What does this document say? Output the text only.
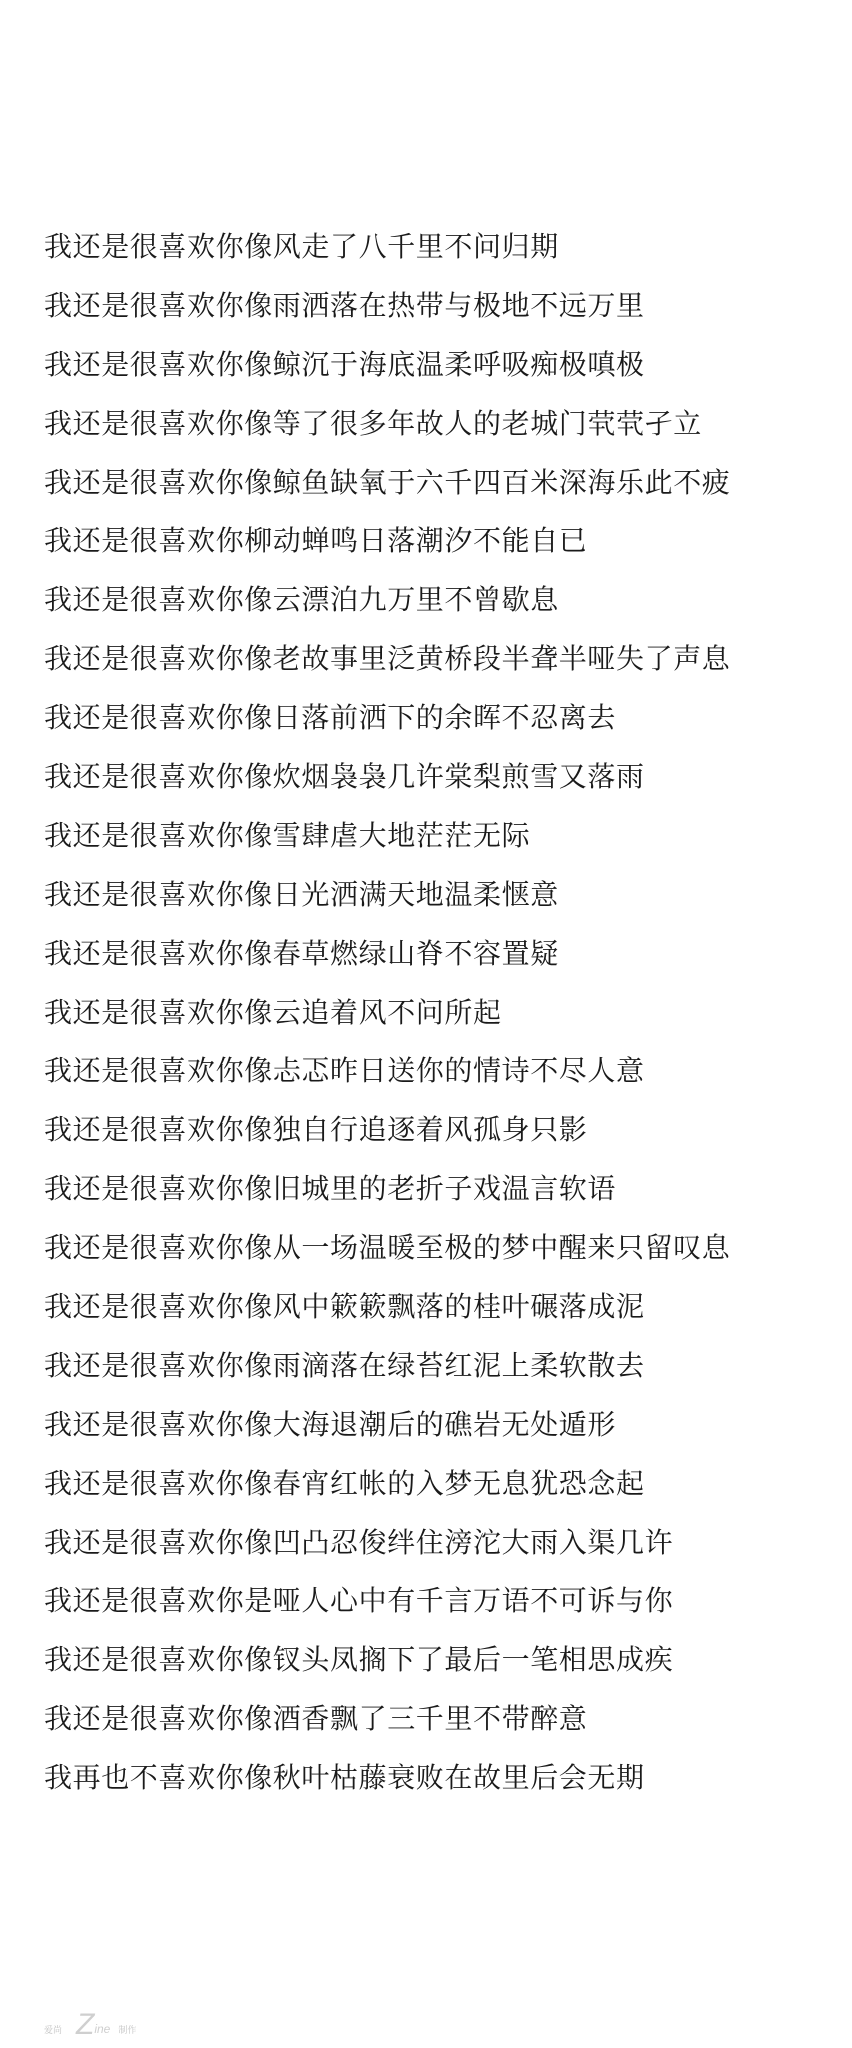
我还是很喜欢你像风走了八千里不问归期
我还是很喜欢你像雨洒落在热带与极地不远万里
我还是很喜欢你像鲸沉于海底温柔呼吸痴极嗔极
我还是很喜欢你像等了很多年故人的老城门茕茕孑立
我还是很喜欢你像鲸鱼缺氧于六千四百米深海乐此不疲
我还是很喜欢你柳动蝉鸣日落潮汐不能自已
我还是很喜欢你像云漂泊九万里不曾歇息
我还是很喜欢你像老故事里泛黄桥段半聋半哑失了声息
我还是很喜欢你像日落前洒下的余晖不忍离去
我还是很喜欢你像炊烟袅袅几许棠梨煎雪又落雨
我还是很喜欢你像雪肆虐大地茫茫无际
我还是很喜欢你像日光洒满天地温柔惬意
我还是很喜欢你像春草燃绿山脊不容置疑
我还是很喜欢你像云追着风不问所起
我还是很喜欢你像忐忑昨日送你的情诗不尽人意
我还是很喜欢你像独自行追逐着风孤身只影
我还是很喜欢你像旧城里的老折子戏温言软语
我还是很喜欢你像从一场温暖至极的梦中醒来只留叹息
我还是很喜欢你像风中簌簌飘落的桂叶碾落成泥
我还是很喜欢你像雨滴落在绿苔红泥上柔软散去
我还是很喜欢你像大海退潮后的礁岩无处遁形
我还是很喜欢你像春宵红帐的入梦无息犹恐念起
我还是很喜欢你像凹凸忍俊绊住滂沱大雨入渠几许
我还是很喜欢你是哑人心中有千言万语不可诉与你
我还是很喜欢你像钗头凤搁下了最后一笔相思成疾
我还是很喜欢你像酒香飘了三千里不带醉意
我再也不喜欢你像秋叶枯藤衰败在故里后会无期
爱尚 Z ine 制作
